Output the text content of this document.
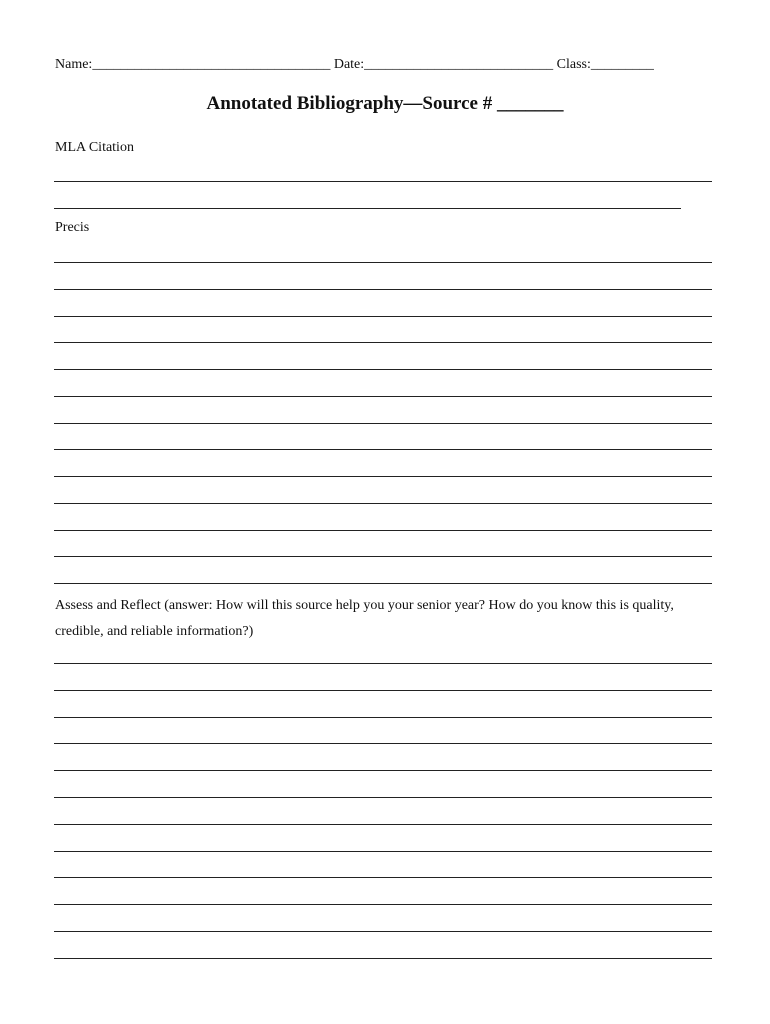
Name:__________________________________ Date:___________________________ Class:_________
Annotated Bibliography—Source # _______
MLA Citation
Precis
Assess and Reflect (answer: How will this source help you your senior year? How do you know this is quality, credible, and reliable information?)
